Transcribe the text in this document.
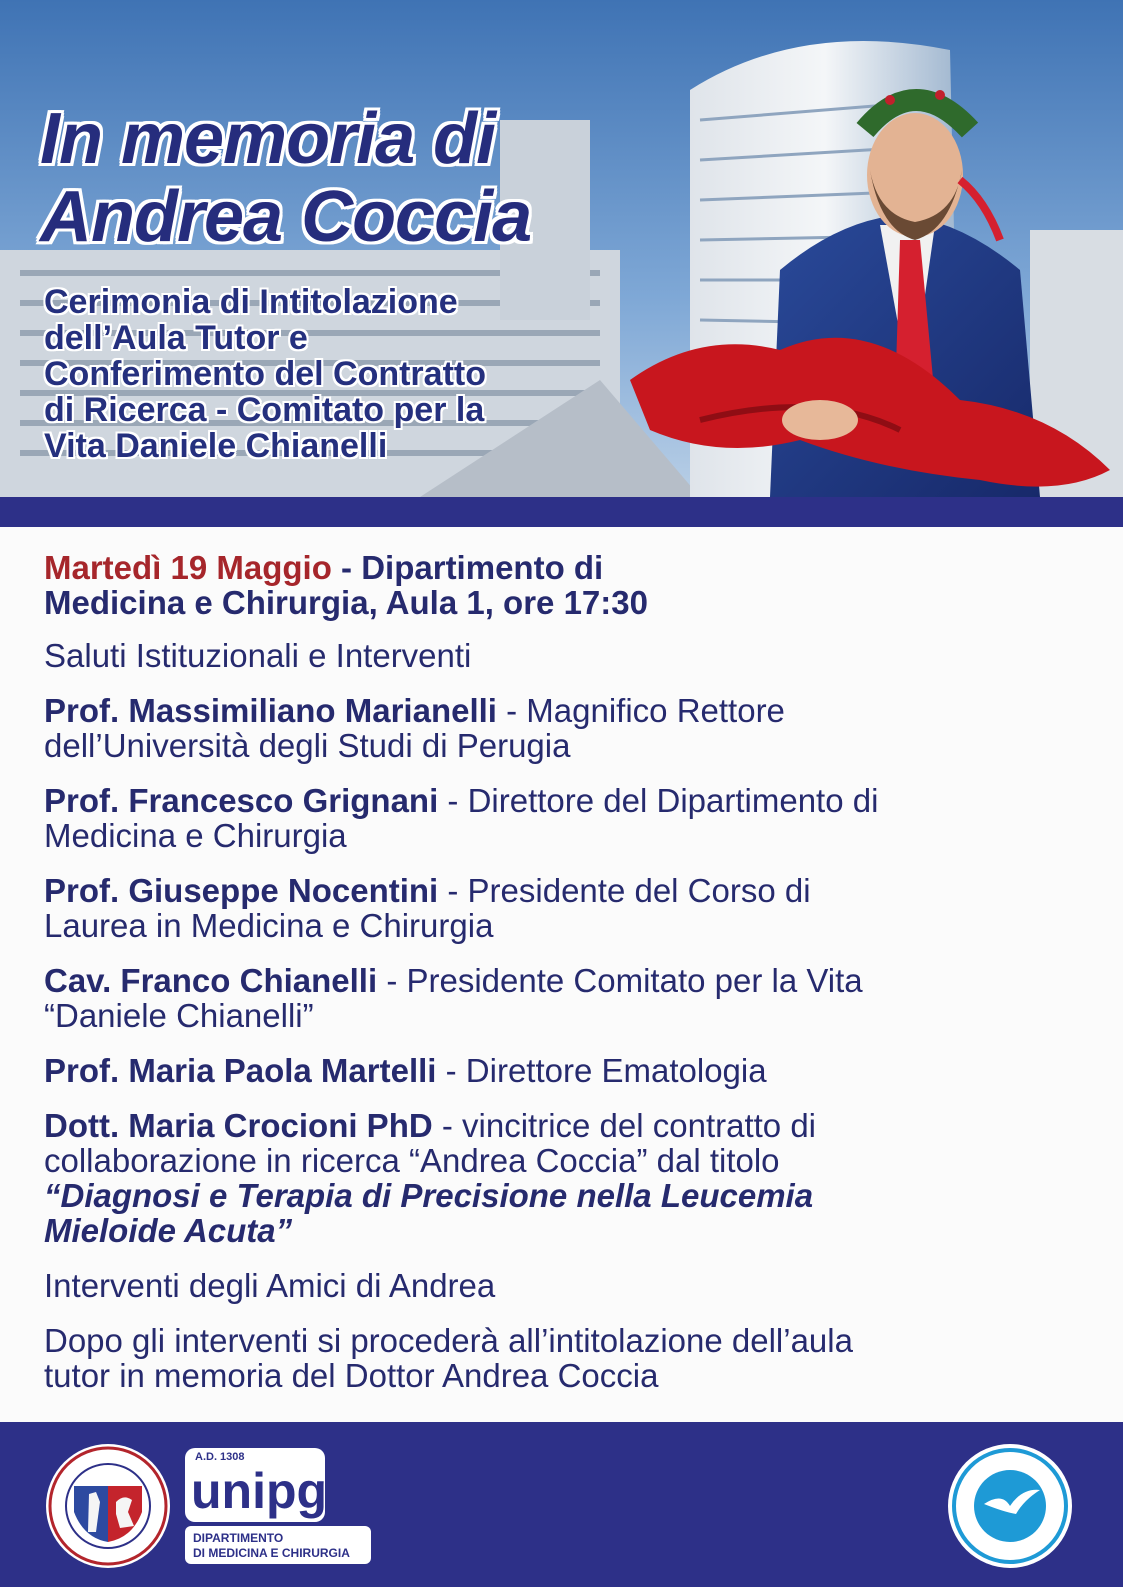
In memoria di
Andrea Coccia
Cerimonia di Intitolazione
dell’Aula Tutor e
Conferimento del Contratto
di Ricerca - Comitato per la
Vita Daniele Chianelli

Martedì 19 Maggio - Dipartimento di
Medicina e Chirurgia, Aula 1, ore 17:30

Saluti Istituzionali e Interventi

Prof. Massimiliano Marianelli - Magnifico Rettore
dell’Università degli Studi di Perugia

Prof. Francesco Grignani - Direttore del Dipartimento di
Medicina e Chirurgia

Prof. Giuseppe Nocentini - Presidente del Corso di
Laurea in Medicina e Chirurgia

Cav. Franco Chianelli - Presidente Comitato per la Vita
“Daniele Chianelli”

Prof. Maria Paola Martelli - Direttore Ematologia

Dott. Maria Crocioni PhD - vincitrice del contratto di
collaborazione in ricerca “Andrea Coccia” dal titolo
“Diagnosi e Terapia di Precisione nella Leucemia
Mieloide Acuta”

Interventi degli Amici di Andrea

Dopo gli interventi si procederà all’intitolazione dell’aula
tutor in memoria del Dottor Andrea Coccia

A.D. 1308
unipg
DIPARTIMENTO
DI MEDICINA E CHIRURGIA
